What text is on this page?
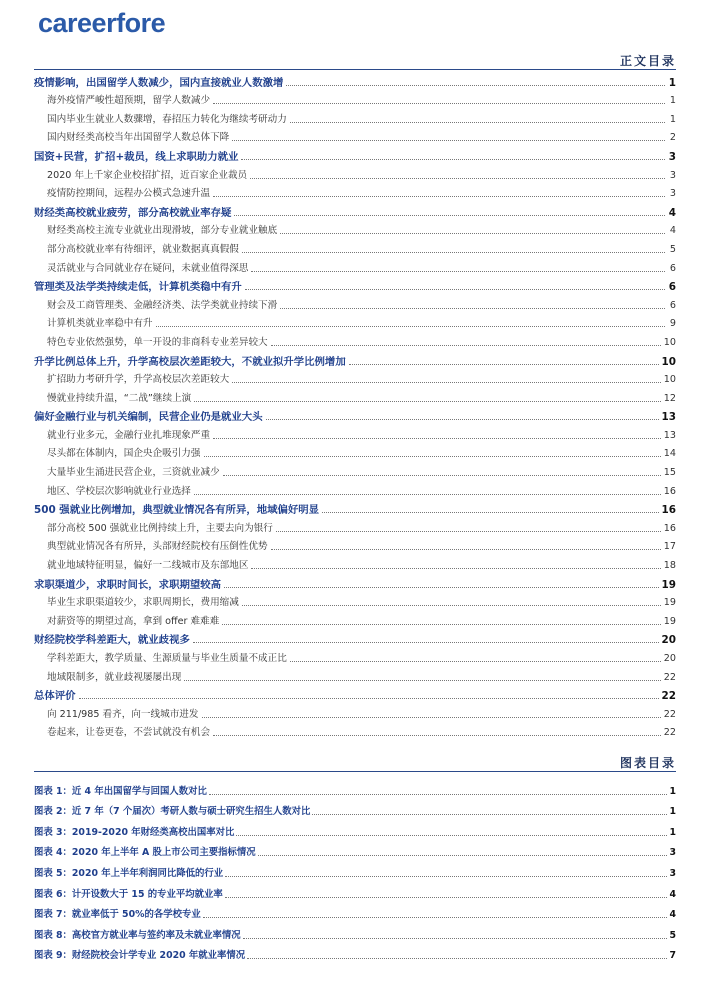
careerfore
正文目录
疫情影响，出国留学人数减少，国内直接就业人数激增	1
海外疫情严峻性超预期，留学人数减少	1
国内毕业生就业人数骤增，春招压力转化为继续考研动力	1
国内财经类高校当年出国留学人数总体下降	2
国资+民营，扩招+裁员，线上求职助力就业	3
2020 年上千家企业校招扩招，近百家企业裁员	3
疫情防控期间，远程办公模式急速升温	3
财经类高校就业疲劳，部分高校就业率存疑	4
财经类高校主流专业就业出现滑坡，部分专业就业触底	4
部分高校就业率有待细评，就业数据真真假假	5
灵活就业与合同就业存在疑问，未就业值得深思	6
管理类及法学类持续走低，计算机类稳中有升	6
财会及工商管理类、金融经济类、法学类就业持续下滑	6
计算机类就业率稳中有升	9
特色专业依然强势，单一开设的非商科专业差异较大	10
升学比例总体上升，升学高校层次差距较大，不就业拟升学比例增加	10
扩招助力考研升学，升学高校层次差距较大	10
慢就业持续升温，“二战”继续上演	12
偏好金融行业与机关编制，民营企业仍是就业大头	13
就业行业多元，金融行业扎堆现象严重	13
尽头都在体制内，国企央企吸引力强	14
大量毕业生涌进民营企业，三资就业减少	15
地区、学校层次影响就业行业选择	16
500 强就业比例增加，典型就业情况各有所异，地域偏好明显	16
部分高校 500 强就业比例持续上升，主要去向为银行	16
典型就业情况各有所异，头部财经院校有压倒性优势	17
就业地域特征明显，偏好一二线城市及东部地区	18
求职渠道少，求职时间长，求职期望较高	19
毕业生求职渠道较少，求职周期长，费用缩减	19
对薪资等的期望过高，拿到 offer 难难难	19
财经院校学科差距大，就业歧视多	20
学科差距大，教学质量、生源质量与毕业生质量不成正比	20
地域限制多，就业歧视屡屡出现	22
总体评价	22
向 211/985 看齐，向一线城市进发	22
卷起来，让卷更卷，不尝试就没有机会	22
图表目录
图表 1：近 4 年出国留学与回国人数对比	1
图表 2：近 7 年（7 个届次）考研人数与硕士研究生招生人数对比	1
图表 3：2019-2020 年财经类高校出国率对比	1
图表 4：2020 年上半年 A 股上市公司主要指标情况	3
图表 5：2020 年上半年利润同比降低的行业	3
图表 6：计开设数大于 15 的专业平均就业率	4
图表 7：就业率低于 50%的各学校专业	4
图表 8：高校官方就业率与签约率及未就业率情况	5
图表 9：财经院校会计学专业 2020 年就业率情况	7
